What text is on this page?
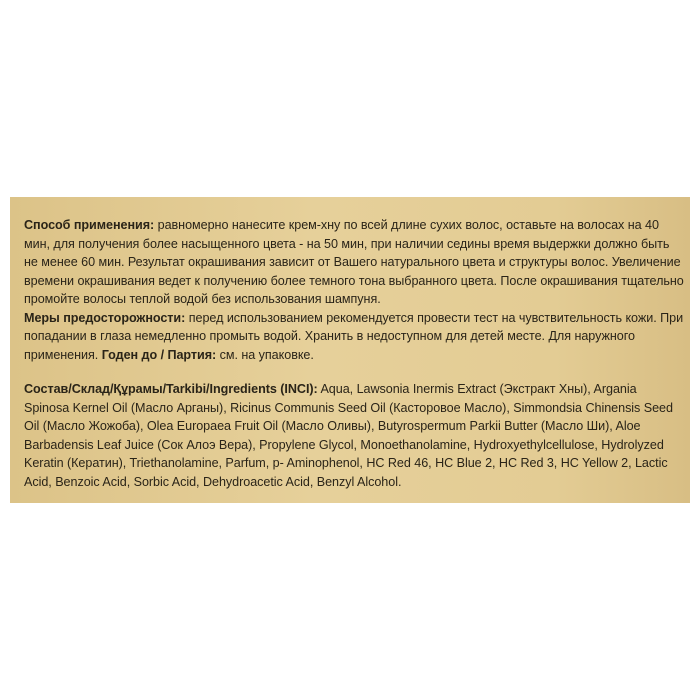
Способ применения: равномерно нанесите крем-хну по всей длине сухих волос, оставьте на волосах на 40 мин, для получения более насыщенного цвета - на 50 мин, при наличии седины время выдержки должно быть не менее 60 мин. Результат окрашивания зависит от Вашего натурального цвета и структуры волос. Увеличение времени окрашивания ведет к получению более темного тона выбранного цвета. После окрашивания тщательно промойте волосы теплой водой без использования шампуня.

Меры предосторожности: перед использованием рекомендуется провести тест на чувствительность кожи. При попадании в глаза немедленно промыть водой. Хранить в недоступном для детей месте. Для наружного применения. Годен до / Партия: см. на упаковке.

Состав/Склад/Құрамы/Tarkibi/Ingredients (INCI): Aqua, Lawsonia Inermis Extract (Экстракт Хны), Argania Spinosa Kernel Oil (Масло Арганы), Ricinus Communis Seed Oil (Касторовое Масло), Simmondsia Chinensis Seed Oil (Масло Жожоба), Olea Europaea Fruit Oil (Масло Оливы), Butyrospermum Parkii Butter (Масло Ши), Aloe Barbadensis Leaf Juice (Сок Алоэ Вера), Propylene Glycol, Monoethanolamine, Hydroxyethylcellulose, Hydrolyzed Keratin (Кератин), Triethanolamine, Parfum, p- Aminophenol, HC Red 46, HC Blue 2, HC Red 3, HC Yellow 2, Lactic Acid, Benzoic Acid, Sorbic Acid, Dehydroacetic Acid, Benzyl Alcohol.
